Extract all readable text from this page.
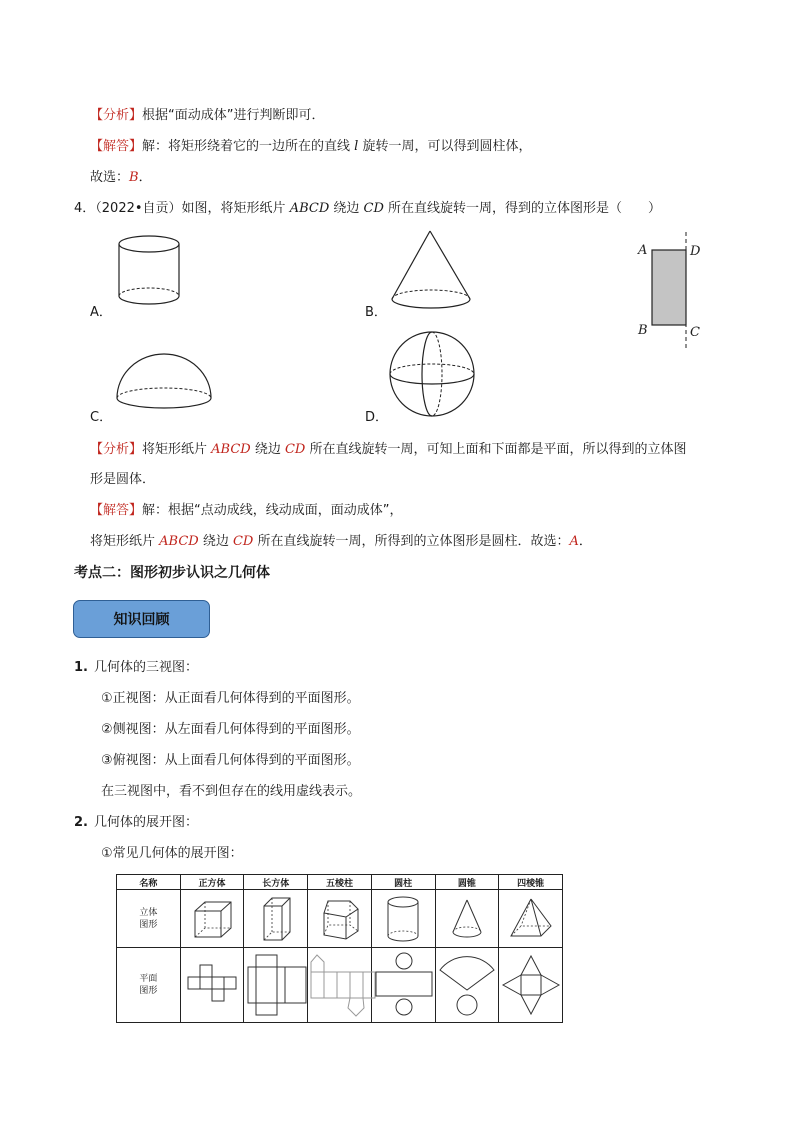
【分析】根据“面动成体”进行判断即可．
【解答】解：将矩形绕着它的一边所在的直线 l 旋转一周，可以得到圆柱体，
故选：B．
4．（2022•自贡）如图，将矩形纸片 ABCD 绕边 CD 所在直线旋转一周，得到的立体图形是（　　）
A．	B．
A	D
B	C
C．	D．
【分析】将矩形纸片 ABCD 绕边 CD 所在直线旋转一周，可知上面和下面都是平面，所以得到的立体图
形是圆体．
【解答】解：根据“点动成线，线动成面，面动成体”，
将矩形纸片 ABCD 绕边 CD 所在直线旋转一周，所得到的立体图形是圆柱．故选：A．
考点二：图形初步认识之几何体
知识回顾
1. 几何体的三视图：
①正视图：从正面看几何体得到的平面图形。
②侧视图：从左面看几何体得到的平面图形。
③俯视图：从上面看几何体得到的平面图形。
在三视图中，看不到但存在的线用虚线表示。
2. 几何体的展开图：
①常见几何体的展开图：
名称	正方体	长方体	五棱柱	圆柱	圆锥	四棱锥

立体
图形

平面
图形
